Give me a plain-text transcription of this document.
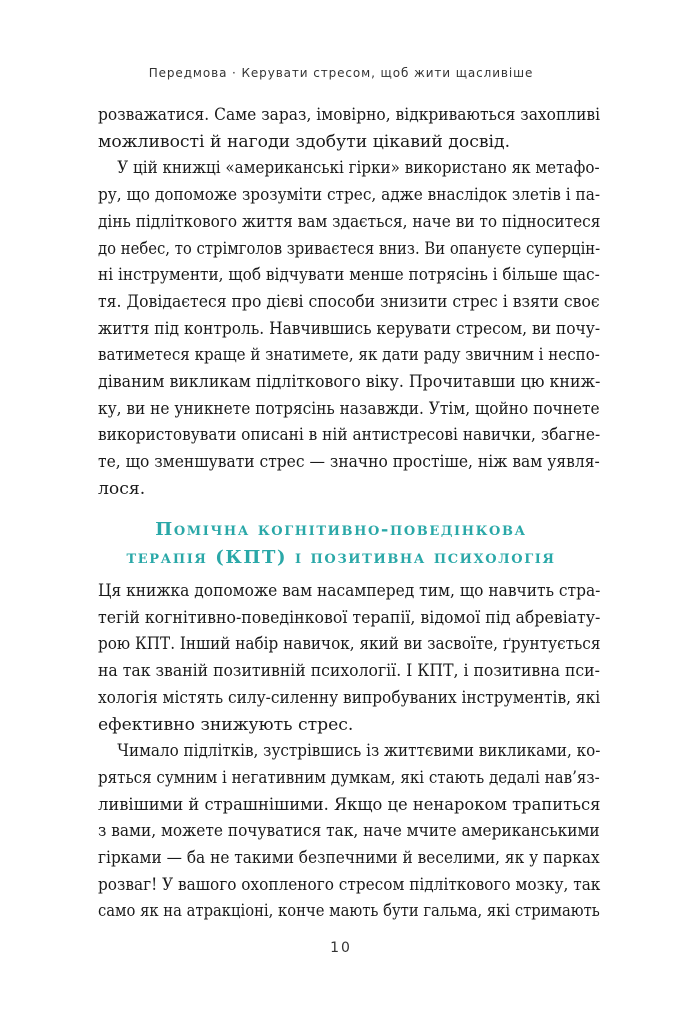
Передмова · Керувати стресом, щоб жити щасливіше
розважатися. Саме зараз, імовірно, відкриваються захопливі
можливості й нагоди здобути цікавий досвід.
У цій книжці «американські гірки» використано як метафо-
ру, що допоможе зрозуміти стрес, адже внаслідок злетів і па-
дінь підліткового життя вам здається, наче ви то підноситеся
до небес, то стрімголов зриваєтеся вниз. Ви опануєте суперцін-
ні інструменти, щоб відчувати менше потрясінь і більше щас-
тя. Довідаєтеся про дієві способи знизити стрес і взяти своє
життя під контроль. Навчившись керувати стресом, ви почу-
ватиметеся краще й знатимете, як дати раду звичним і неспо-
діваним викликам підліткового віку. Прочитавши цю книж-
ку, ви не уникнете потрясінь назавжди. Утім, щойно почнете
використовувати описані в ній антистресові навички, збагне-
те, що зменшувати стрес — значно простіше, ніж вам уявля-
лося.
Помічна когнітивно-поведінкова
терапія (КПТ) і позитивна психологія
Ця книжка допоможе вам насамперед тим, що навчить стра-
тегій когнітивно-поведінкової терапії, відомої під абревіату-
рою КПТ. Інший набір навичок, який ви засвоїте, ґрунтується
на так званій позитивній психології. І КПТ, і позитивна пси-
хологія містять силу-силенну випробуваних інструментів, які
ефективно знижують стрес.
Чимало підлітків, зустрівшись із життєвими викликами, ко-
ряться сумним і негативним думкам, які стають дедалі нав’яз-
ливішими й страшнішими. Якщо це ненароком трапиться
з вами, можете почуватися так, наче мчите американськими
гірками — ба не такими безпечними й веселими, як у парках
розваг! У вашого охопленого стресом підліткового мозку, так
само як на атракціоні, конче мають бути гальма, які стримають
10
